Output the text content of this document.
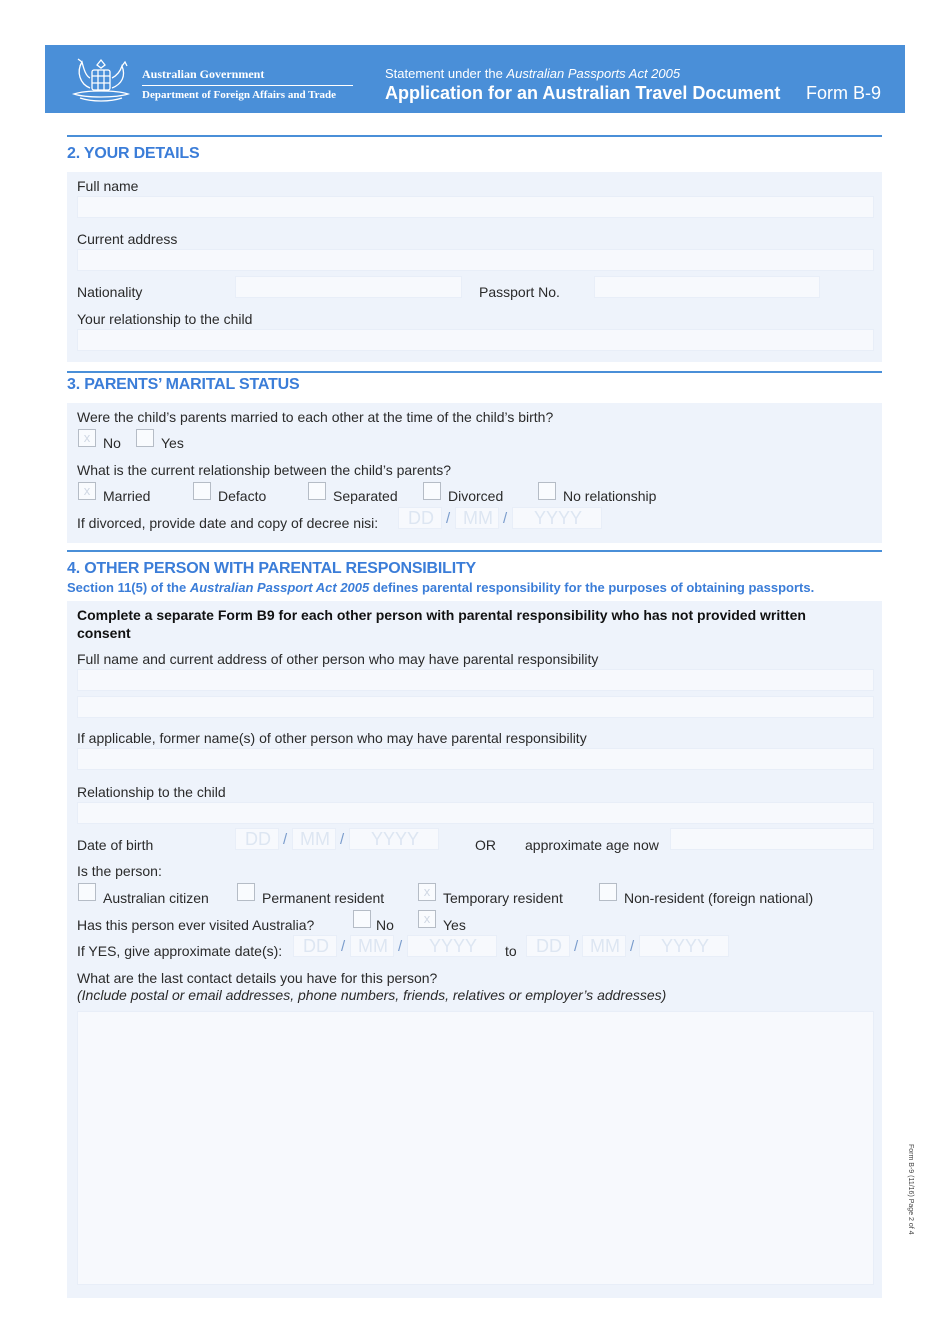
Australian Government
Department of Foreign Affairs and Trade
Statement under the Australian Passports Act 2005
Application for an Australian Travel Document Form B-9
2. YOUR DETAILS
Full name
Current address
Nationality	Passport No.
Your relationship to the child
3. PARENTS’ MARITAL STATUS
Were the child’s parents married to each other at the time of the child’s birth?
x No	Yes
What is the current relationship between the child’s parents?
x Married	Defacto	Separated	Divorced	No relationship
If divorced, provide date and copy of decree nisi: DD / MM / YYYY
4. OTHER PERSON WITH PARENTAL RESPONSIBILITY
Section 11(5) of the Australian Passport Act 2005 defines parental responsibility for the purposes of obtaining passports.
Complete a separate Form B9 for each other person with parental responsibility who has not provided written consent
Full name and current address of other person who may have parental responsibility
If applicable, former name(s) of other person who may have parental responsibility
Relationship to the child
Date of birth	DD / MM / YYYY	OR approximate age now
Is the person:
Australian citizen	Permanent resident	x Temporary resident	Non-resident (foreign national)
Has this person ever visited Australia?	No	x Yes
If YES, give approximate date(s): DD / MM / YYYY to DD / MM / YYYY
What are the last contact details you have for this person?
(Include postal or email addresses, phone numbers, friends, relatives or employer’s addresses)
Form B-9 (11/16) Page 2 of 4
